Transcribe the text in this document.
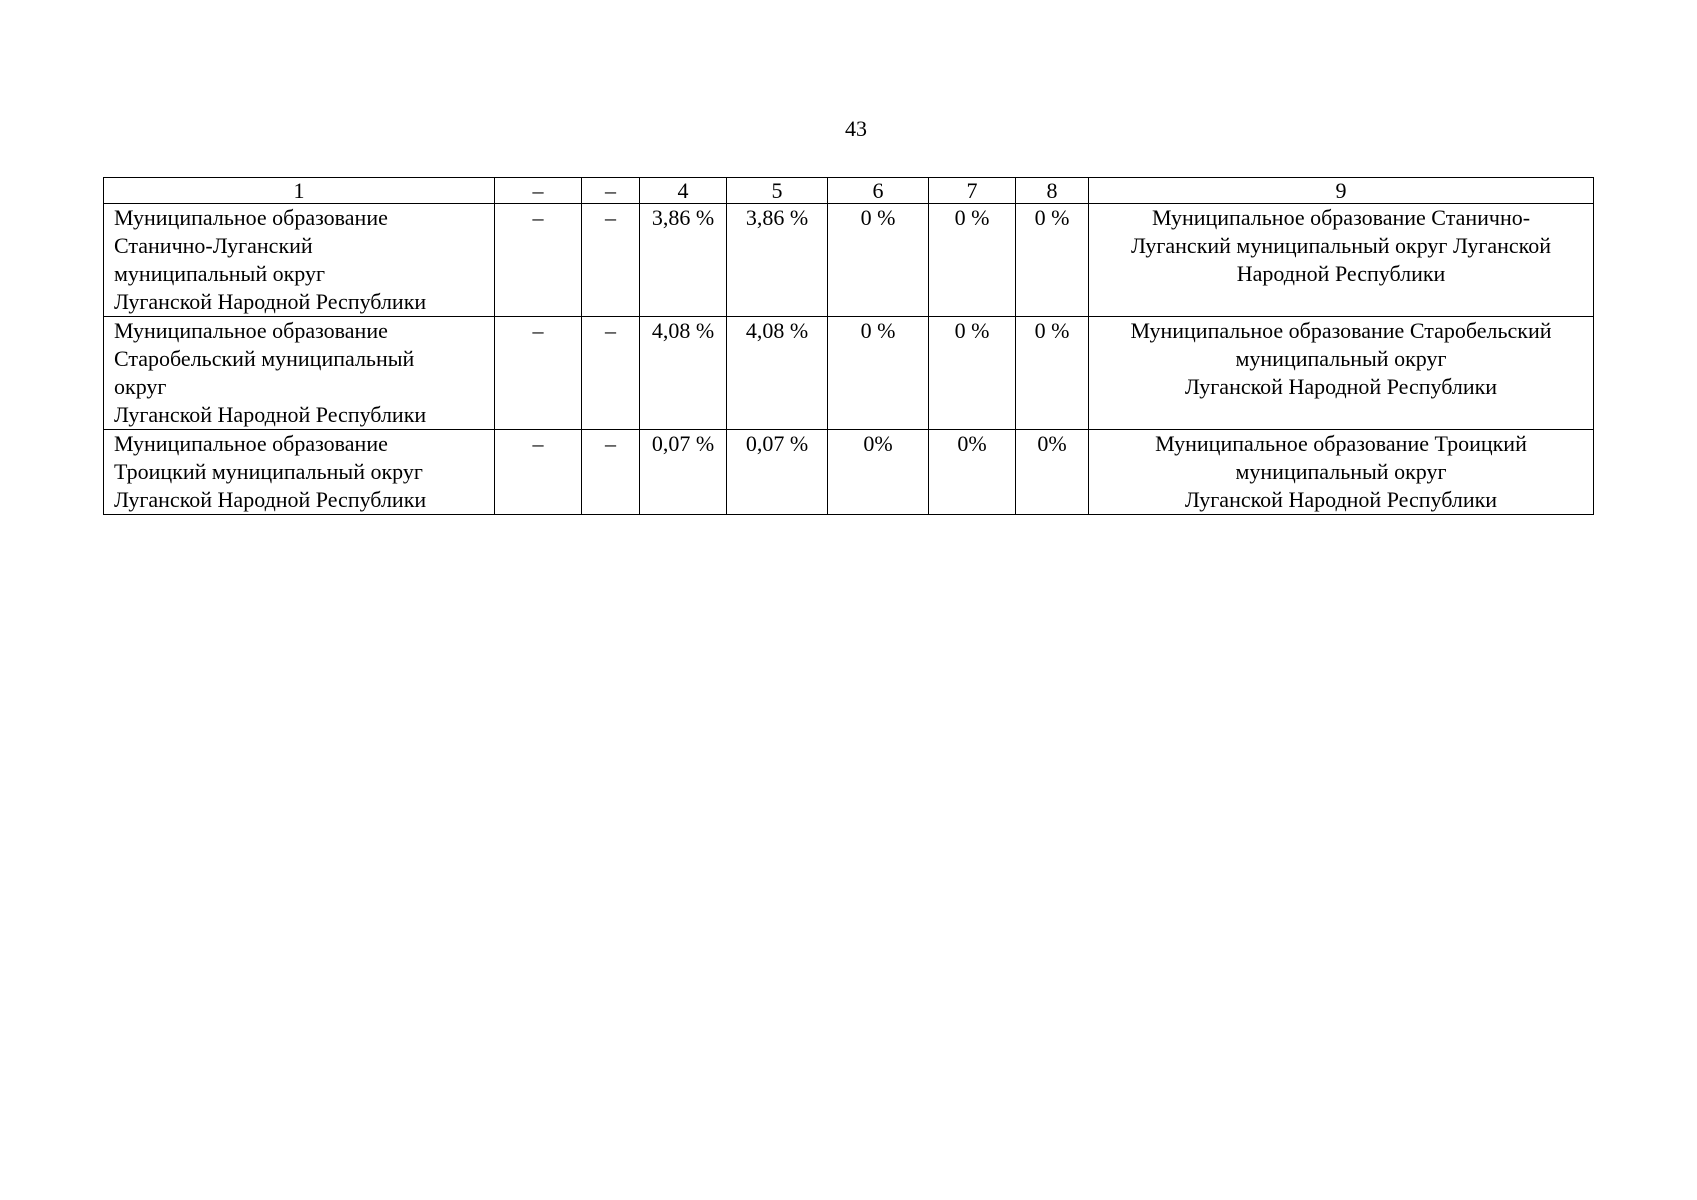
43
1	–	–	4	5	6	7	8	9
Муниципальное образование
Станично-Луганский
муниципальный округ
Луганской Народной Республики	–	–	3,86 %	3,86 %	0 %	0 %	0 %	Муниципальное образование Станично-
Луганский муниципальный округ Луганской
Народной Республики
Муниципальное образование
Старобельский муниципальный
округ
Луганской Народной Республики	–	–	4,08 %	4,08 %	0 %	0 %	0 %	Муниципальное образование Старобельский
муниципальный округ
Луганской Народной Республики
Муниципальное образование
Троицкий муниципальный округ
Луганской Народной Республики	–	–	0,07 %	0,07 %	0%	0%	0%	Муниципальное образование Троицкий
муниципальный округ
Луганской Народной Республики
